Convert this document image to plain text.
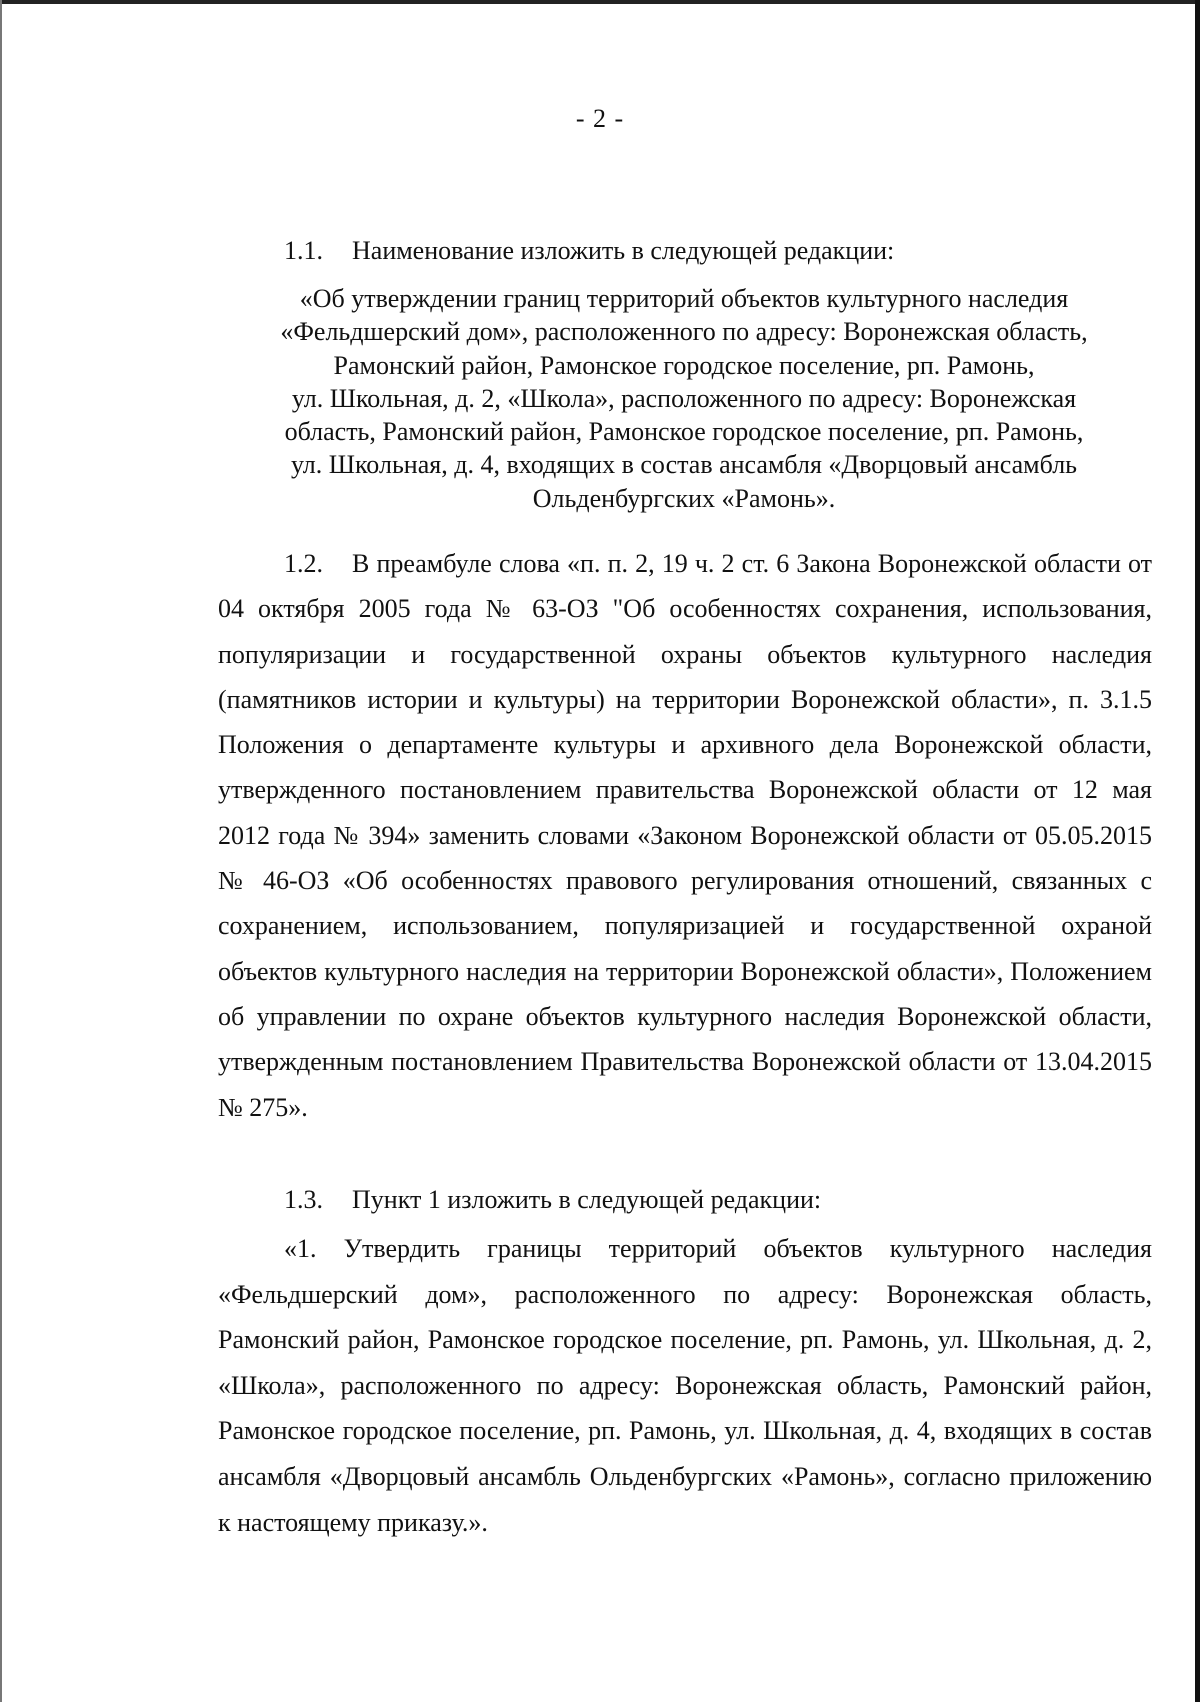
- 2 -
1.1. Наименование изложить в следующей редакции:
«Об утверждении границ территорий объектов культурного наследия
«Фельдшерский дом», расположенного по адресу: Воронежская область,
Рамонский район, Рамонское городское поселение, рп. Рамонь,
ул. Школьная, д. 2, «Школа», расположенного по адресу: Воронежская
область, Рамонский район, Рамонское городское поселение, рп. Рамонь,
ул. Школьная, д. 4, входящих в состав ансамбля «Дворцовый ансамбль
Ольденбургских «Рамонь».
1.2. В преамбуле слова «п. п. 2, 19 ч. 2 ст. 6 Закона Воронежской области от 04 октября 2005 года № 63-ОЗ "Об особенностях сохранения, использования, популяризации и государственной охраны объектов культурного наследия (памятников истории и культуры) на территории Воронежской области», п. 3.1.5 Положения о департаменте культуры и архивного дела Воронежской области, утвержденного постановлением правительства Воронежской области от 12 мая 2012 года № 394» заменить словами «Законом Воронежской области от 05.05.2015 № 46-ОЗ «Об особенностях правового регулирования отношений, связанных с сохранением, использованием, популяризацией и государственной охраной объектов культурного наследия на территории Воронежской области», Положением об управлении по охране объектов культурного наследия Воронежской области, утвержденным постановлением Правительства Воронежской области от 13.04.2015 № 275».
1.3. Пункт 1 изложить в следующей редакции:
«1. Утвердить границы территорий объектов культурного наследия «Фельдшерский дом», расположенного по адресу: Воронежская область, Рамонский район, Рамонское городское поселение, рп. Рамонь, ул. Школьная, д. 2, «Школа», расположенного по адресу: Воронежская область, Рамонский район, Рамонское городское поселение, рп. Рамонь, ул. Школьная, д. 4, входящих в состав ансамбля «Дворцовый ансамбль Ольденбургских «Рамонь», согласно приложению к настоящему приказу.».
